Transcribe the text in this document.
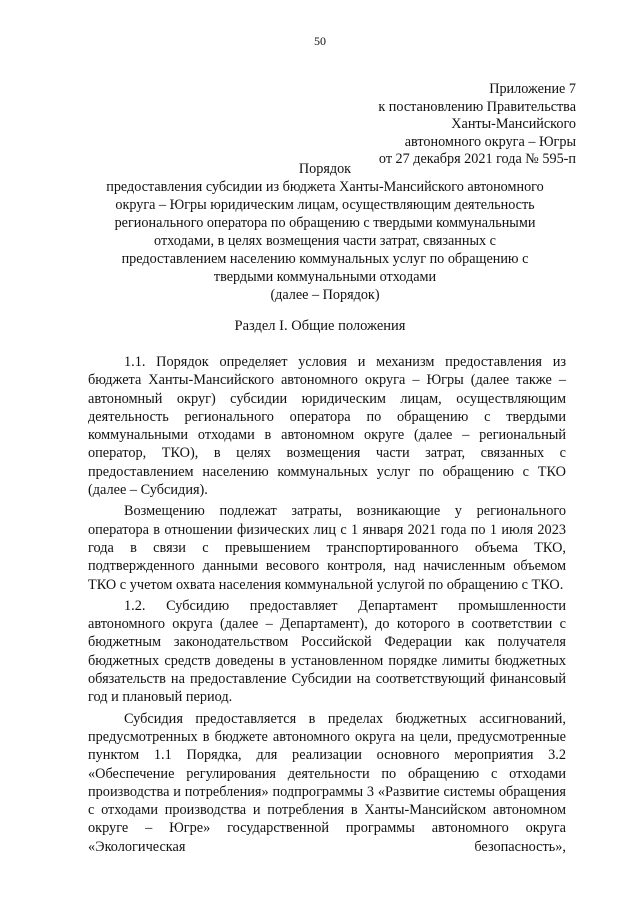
50
Приложение 7
к постановлению Правительства
Ханты-Мансийского
автономного округа – Югры
от 27 декабря 2021 года № 595-п
Порядок
предоставления субсидии из бюджета Ханты-Мансийского автономного
округа – Югры юридическим лицам, осуществляющим деятельность
регионального оператора по обращению с твердыми коммунальными
отходами, в целях возмещения части затрат, связанных с
предоставлением населению коммунальных услуг по обращению с
твердыми коммунальными отходами
(далее – Порядок)
Раздел I. Общие положения

1.1. Порядок определяет условия и механизм предоставления из бюджета Ханты-Мансийского автономного округа – Югры (далее также – автономный округ) субсидии юридическим лицам, осуществляющим деятельность регионального оператора по обращению с твердыми коммунальными отходами в автономном округе (далее – региональный оператор, ТКО), в целях возмещения части затрат, связанных с предоставлением населению коммунальных услуг по обращению с ТКО (далее – Субсидия).

Возмещению подлежат затраты, возникающие у регионального оператора в отношении физических лиц с 1 января 2021 года по 1 июля 2023 года в связи с превышением транспортированного объема ТКО, подтвержденного данными весового контроля, над начисленным объемом ТКО с учетом охвата населения коммунальной услугой по обращению с ТКО.

1.2. Субсидию предоставляет Департамент промышленности автономного округа (далее – Департамент), до которого в соответствии с бюджетным законодательством Российской Федерации как получателя бюджетных средств доведены в установленном порядке лимиты бюджетных обязательств на предоставление Субсидии на соответствующий финансовый год и плановый период.

Субсидия предоставляется в пределах бюджетных ассигнований, предусмотренных в бюджете автономного округа на цели, предусмотренные пунктом 1.1 Порядка, для реализации основного мероприятия 3.2 «Обеспечение регулирования деятельности по обращению с отходами производства и потребления» подпрограммы 3 «Развитие системы обращения с отходами производства и потребления в Ханты-Мансийском автономном округе – Югре» государственной программы автономного округа «Экологическая безопасность»,
